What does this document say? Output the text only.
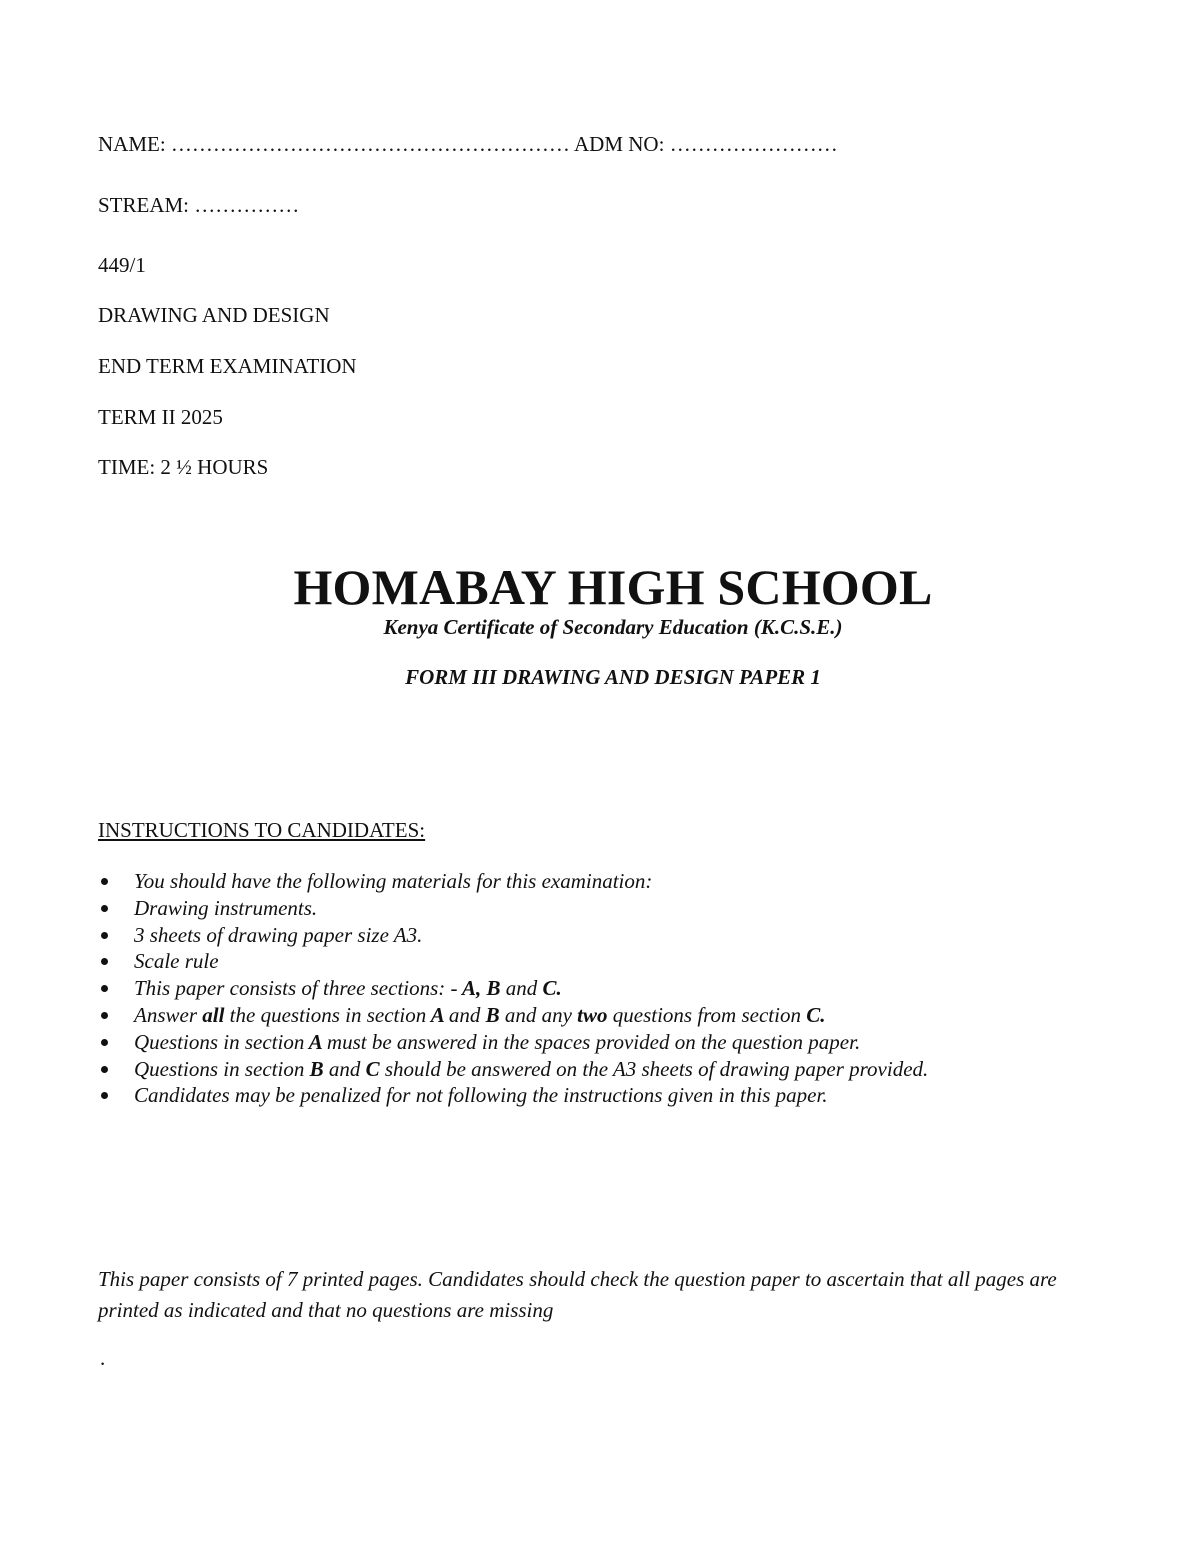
NAME: ………………………………………………… ADM NO: ……………………
STREAM: ……………
449/1
DRAWING AND DESIGN
END TERM EXAMINATION
TERM II 2025
TIME: 2 ½ HOURS
HOMABAY HIGH SCHOOL
Kenya Certificate of Secondary Education (K.C.S.E.)
FORM III DRAWING AND DESIGN PAPER 1
INSTRUCTIONS TO CANDIDATES:
You should have the following materials for this examination:
Drawing instruments.
3 sheets of drawing paper size A3.
Scale rule
This paper consists of three sections: - A, B and C.
Answer all the questions in section A and B and any two questions from section C.
Questions in section A must be answered in the spaces provided on the question paper.
Questions in section B and C should be answered on the A3 sheets of drawing paper provided.
Candidates may be penalized for not following the instructions given in this paper.
This paper consists of 7 printed pages. Candidates should check the question paper to ascertain that all pages are printed as indicated and that no questions are missing
.
